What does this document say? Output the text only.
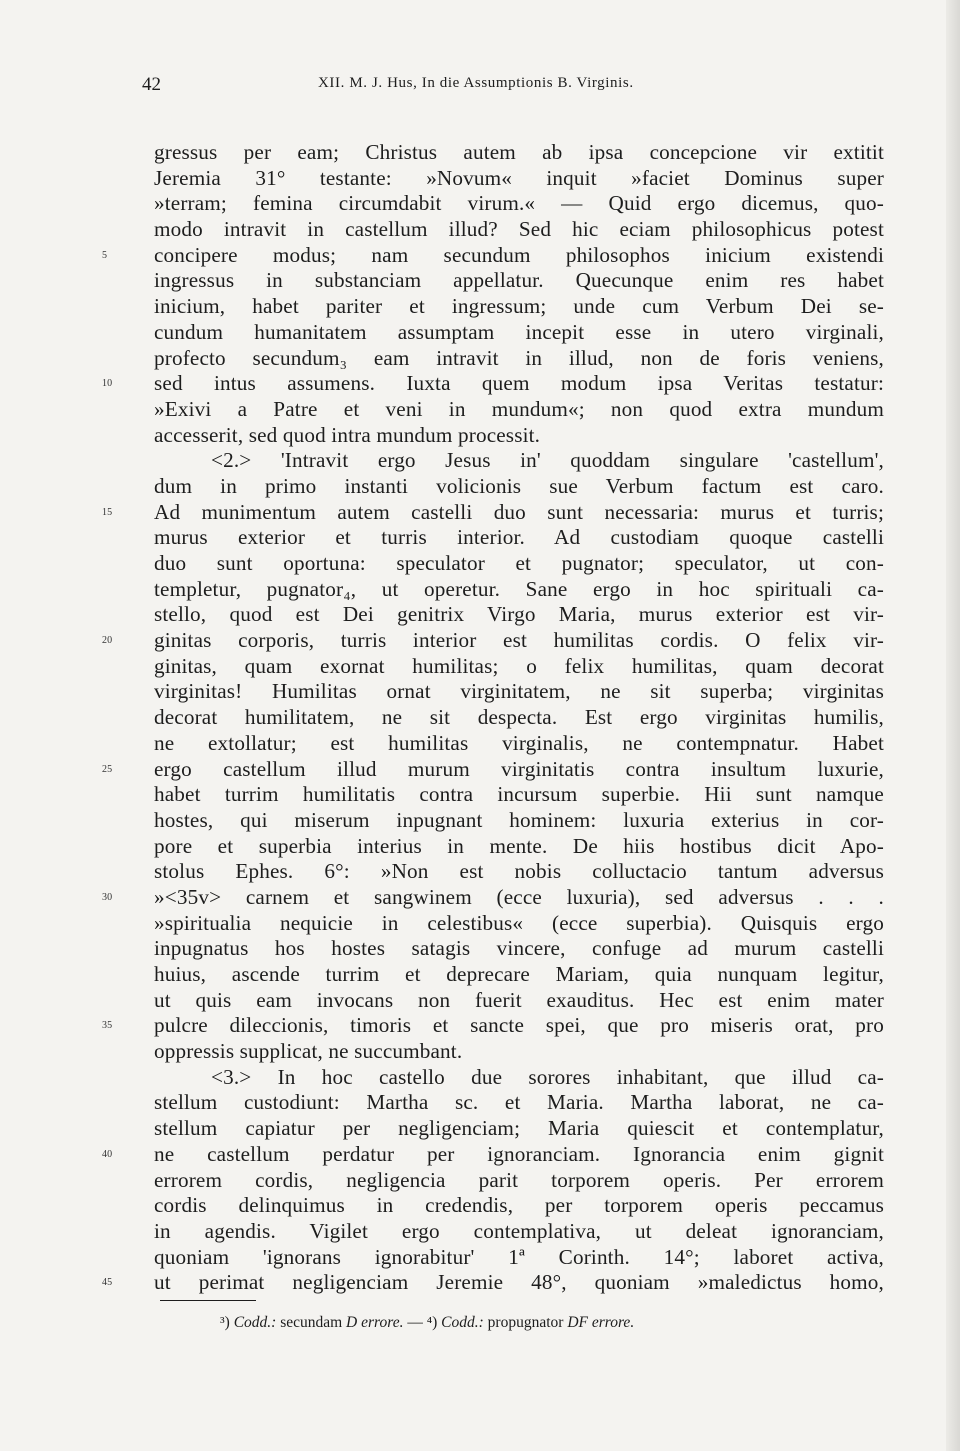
42	XII. M. J. Hus, In die Assumptionis B. Virginis.
gressus per eam; Christus autem ab ipsa concepcione vir extitit
Jeremia 31° testante: »Novum« inquit »faciet Dominus super
»terram; femina circumdabit virum.« — Quid ergo dicemus, quo-
modo intravit in castellum illud? Sed hic eciam philosophicus potest
5	concipere modus; nam secundum philosophos inicium existendi
ingressus in substanciam appellatur. Quecunque enim res habet
inicium, habet pariter et ingressum; unde cum Verbum Dei se-
cundum humanitatem assumptam incepit esse in utero virginali,
profecto secundum₃ eam intravit in illud, non de foris veniens,
10	sed intus assumens. Iuxta quem modum ipsa Veritas testatur:
»Exivi a Patre et veni in mundum«; non quod extra mundum
accesserit, sed quod intra mundum processit.
<2.> 'Intravit ergo Jesus in' quoddam singulare 'castellum',
dum in primo instanti volicionis sue Verbum factum est caro.
15	Ad munimentum autem castelli duo sunt necessaria: murus et turris;
murus exterior et turris interior. Ad custodiam quoque castelli
duo sunt oportuna: speculator et pugnator; speculator, ut con-
templetur, pugnator₄, ut operetur. Sane ergo in hoc spirituali ca-
stello, quod est Dei genitrix Virgo Maria, murus exterior est vir-
20	ginitas corporis, turris interior est humilitas cordis. O felix vir-
ginitas, quam exornat humilitas; o felix humilitas, quam decorat
virginitas! Humilitas ornat virginitatem, ne sit superba; virginitas
decorat humilitatem, ne sit despecta. Est ergo virginitas humilis,
ne extollatur; est humilitas virginalis, ne contempnatur. Habet
25	ergo castellum illud murum virginitatis contra insultum luxurie,
habet turrim humilitatis contra incursum superbie. Hii sunt namque
hostes, qui miserum inpugnant hominem: luxuria exterius in cor-
pore et superbia interius in mente. De hiis hostibus dicit Apo-
stolus Ephes. 6°: »Non est nobis colluctacio tantum adversus
30	»<35v> carnem et sangwinem (ecce luxuria), sed adversus . . .
»spiritualia nequicie in celestibus« (ecce superbia). Quisquis ergo
inpugnatus hos hostes satagis vincere, confuge ad murum castelli
huius, ascende turrim et deprecare Mariam, quia nunquam legitur,
ut quis eam invocans non fuerit exauditus. Hec est enim mater
35	pulcre dileccionis, timoris et sancte spei, que pro miseris orat, pro
oppressis supplicat, ne succumbant.
<3.> In hoc castello due sorores inhabitant, que illud ca-
stellum custodiunt: Martha sc. et Maria. Martha laborat, ne ca-
stellum capiatur per negligenciam; Maria quiescit et contemplatur,
40	ne castellum perdatur per ignoranciam. Ignorancia enim gignit
errorem cordis, negligencia parit torporem operis. Per errorem
cordis delinquimus in credendis, per torporem operis peccamus
in agendis. Vigilet ergo contemplativa, ut deleat ignoranciam,
quoniam 'ignorans ignorabitur' 1ª Corinth. 14°; laboret activa,
45	ut perimat negligenciam Jeremie 48°, quoniam »maledictus homo,
³) Codd.: secundam D errore. — ⁴) Codd.: propugnator DF errore.
